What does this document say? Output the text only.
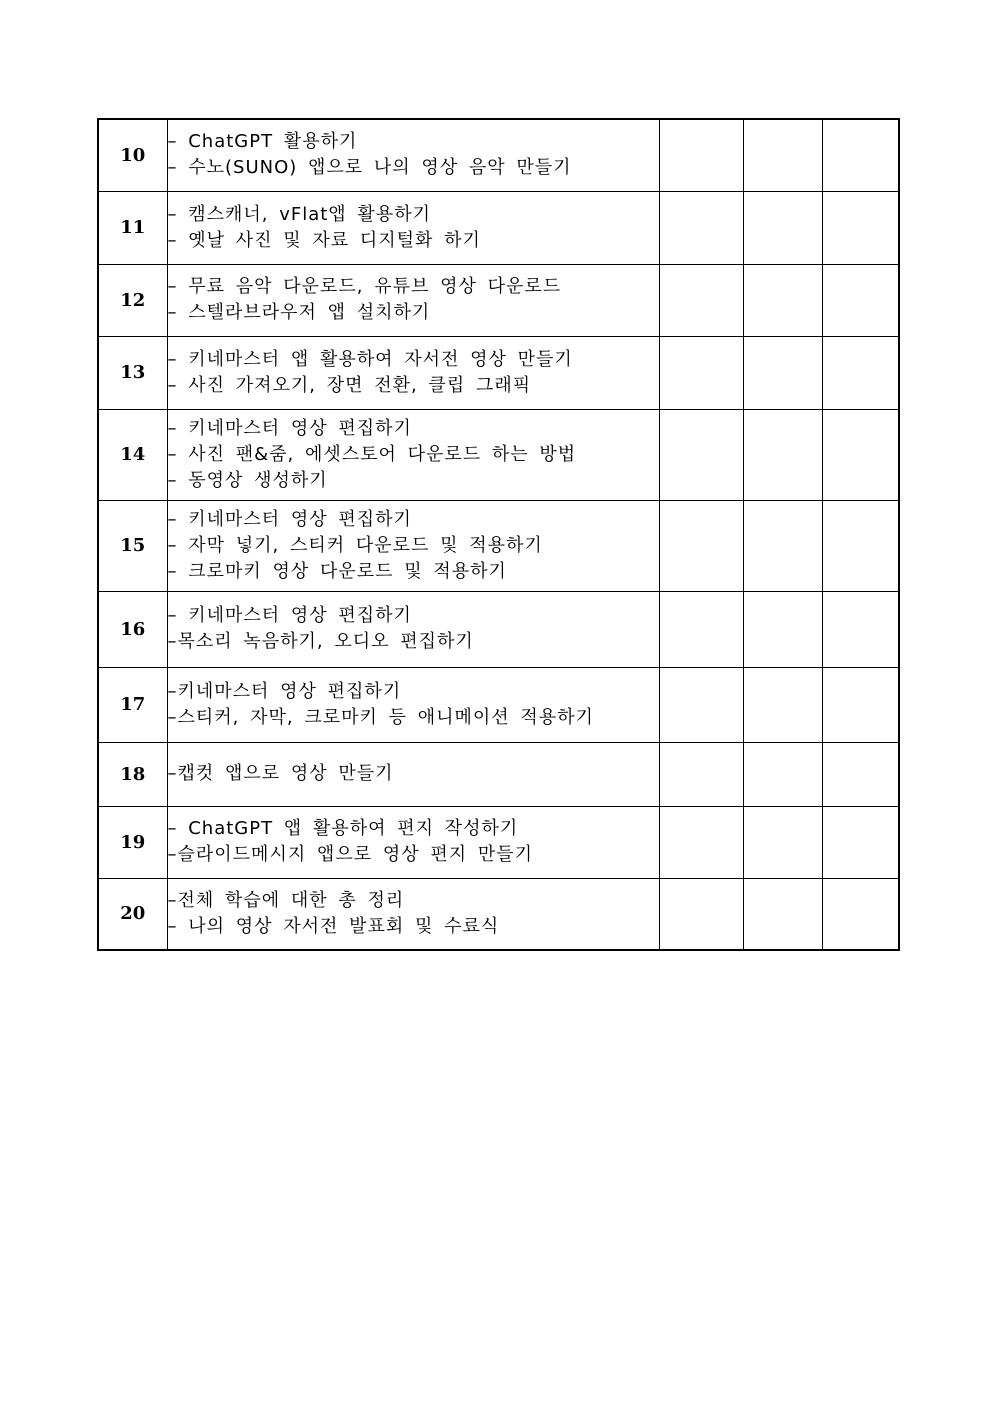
10	– ChatGPT 활용하기
– 수노(SUNO) 앱으로 나의 영상 음악 만들기			

11	– 캠스캐너, vFlat앱 활용하기
– 옛날 사진 및 자료 디지털화 하기			

12	– 무료 음악 다운로드, 유튜브 영상 다운로드
– 스텔라브라우저 앱 설치하기			

13	– 키네마스터 앱 활용하여 자서전 영상 만들기
– 사진 가져오기, 장면 전환, 클립 그래픽			

14	– 키네마스터 영상 편집하기
– 사진 팬&줌, 에셋스토어 다운로드 하는 방법
– 동영상 생성하기			

15	– 키네마스터 영상 편집하기
– 자막 넣기, 스티커 다운로드 및 적용하기
– 크로마키 영상 다운로드 및 적용하기			

16	– 키네마스터 영상 편집하기
–목소리 녹음하기, 오디오 편집하기			

17	–키네마스터 영상 편집하기
–스티커, 자막, 크로마키 등 애니메이션 적용하기			

18	–캡컷 앱으로 영상 만들기			

19	– ChatGPT 앱 활용하여 편지 작성하기
–슬라이드메시지 앱으로 영상 편지 만들기			

20	–전체 학습에 대한 총 정리
– 나의 영상 자서전 발표회 및 수료식			
